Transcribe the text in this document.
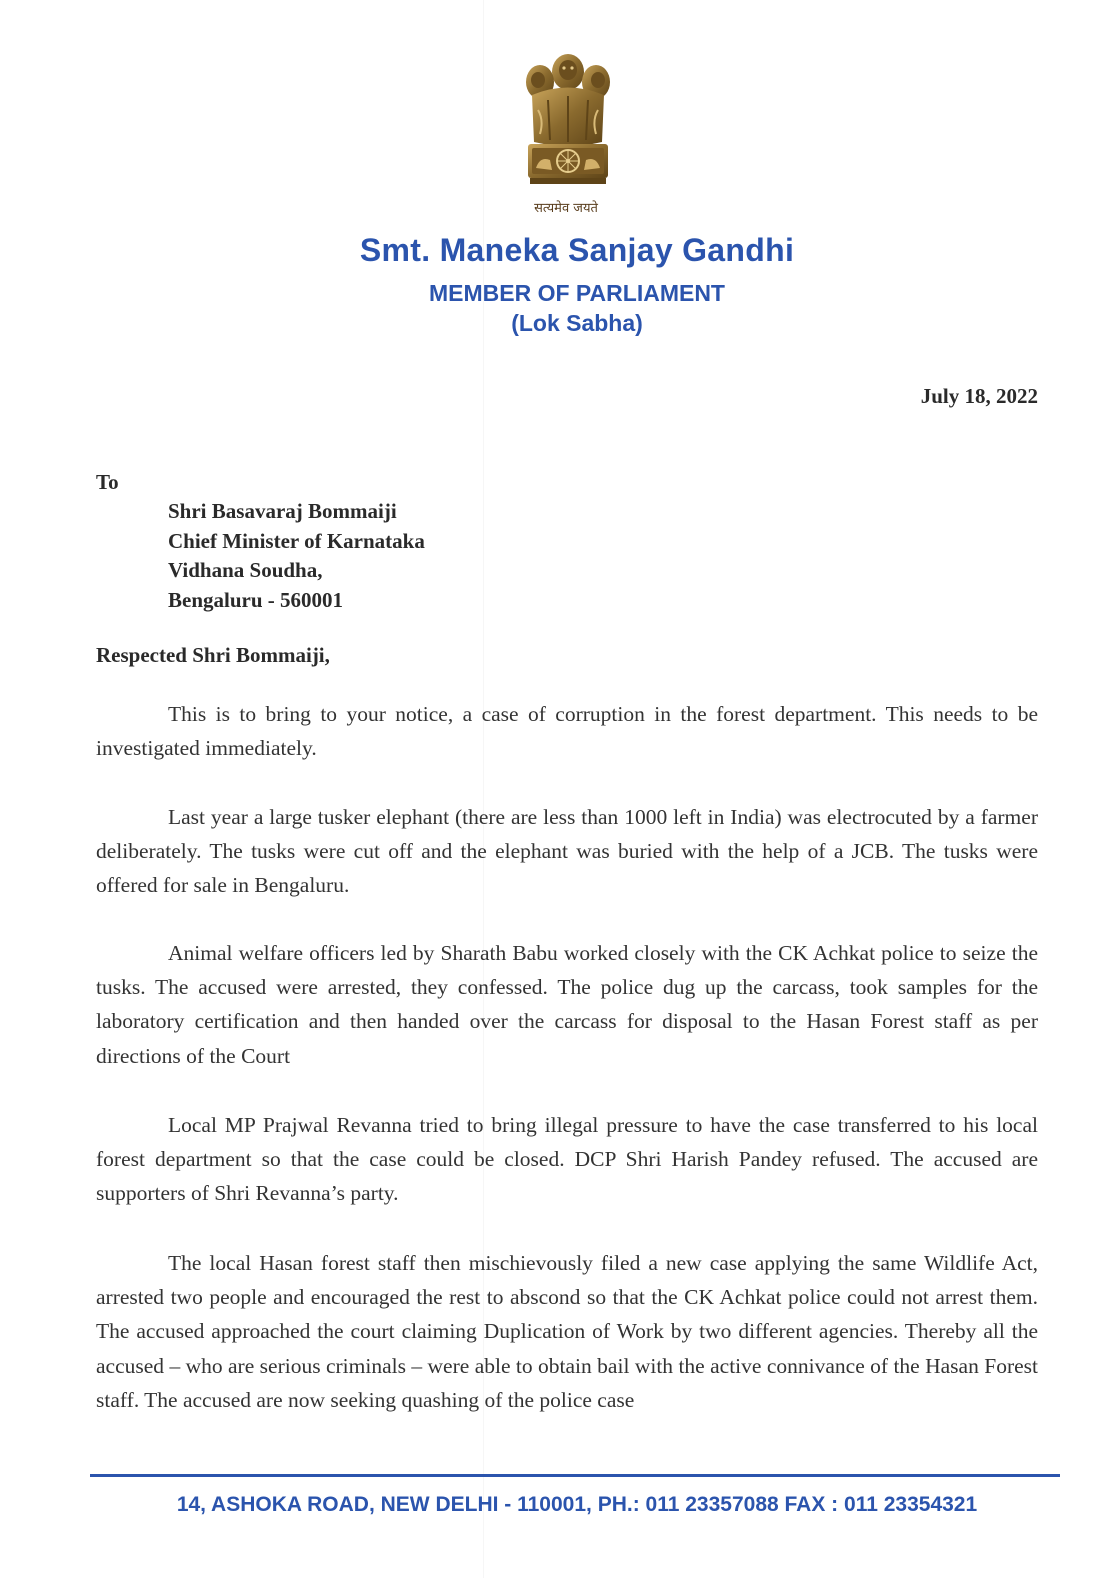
सत्यमेव जयते
Smt. Maneka Sanjay Gandhi
MEMBER OF PARLIAMENT
(Lok Sabha)
July 18, 2022
To
Shri Basavaraj Bommaiji
Chief Minister of Karnataka
Vidhana Soudha,
Bengaluru - 560001
Respected Shri Bommaiji,

This is to bring to your notice, a case of corruption in the forest department. This needs to be investigated immediately.

Last year a large tusker elephant (there are less than 1000 left in India) was electrocuted by a farmer deliberately. The tusks were cut off and the elephant was buried with the help of a JCB. The tusks were offered for sale in Bengaluru.

Animal welfare officers led by Sharath Babu worked closely with the CK Achkat police to seize the tusks. The accused were arrested, they confessed. The police dug up the carcass, took samples for the laboratory certification and then handed over the carcass for disposal to the Hasan Forest staff as per directions of the Court

Local MP Prajwal Revanna tried to bring illegal pressure to have the case transferred to his local forest department so that the case could be closed. DCP Shri Harish Pandey refused. The accused are supporters of Shri Revanna’s party.

The local Hasan forest staff then mischievously filed a new case applying the same Wildlife Act, arrested two people and encouraged the rest to abscond so that the CK Achkat police could not arrest them. The accused approached the court claiming Duplication of Work by two different agencies. Thereby all the accused – who are serious criminals – were able to obtain bail with the active connivance of the Hasan Forest staff. The accused are now seeking quashing of the police case

14, ASHOKA ROAD, NEW DELHI - 110001, PH.: 011 23357088 FAX : 011 23354321
